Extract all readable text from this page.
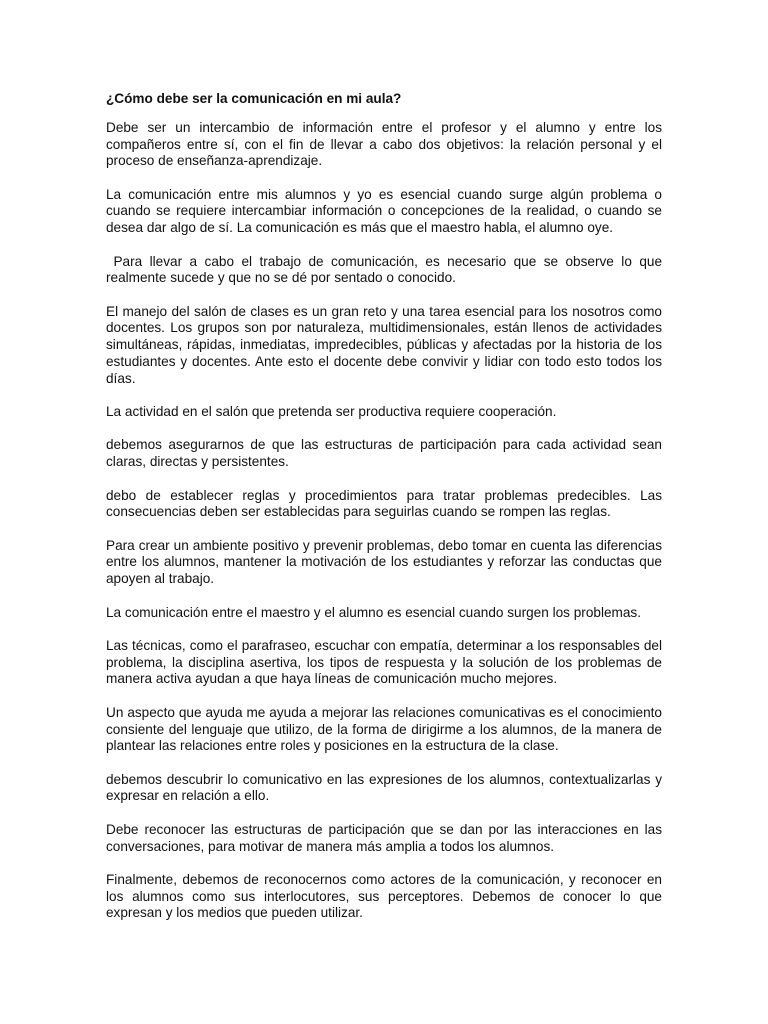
¿Cómo debe ser la comunicación en mi aula?

Debe ser un intercambio de información entre el profesor y el alumno y entre los compañeros entre sí, con el fin de llevar a cabo dos objetivos: la relación personal y el proceso de enseñanza-aprendizaje.

La comunicación entre mis alumnos y yo es esencial cuando surge algún problema o cuando se requiere intercambiar información o concepciones de la realidad, o cuando se desea dar algo de sí. La comunicación es más que el maestro habla, el alumno oye.

Para llevar a cabo el trabajo de comunicación, es necesario que se observe lo que realmente sucede y que no se dé por sentado o conocido.

El manejo del salón de clases es un gran reto y una tarea esencial para los nosotros como docentes. Los grupos son por naturaleza, multidimensionales, están llenos de actividades simultáneas, rápidas, inmediatas, impredecibles, públicas y afectadas por la historia de los estudiantes y docentes. Ante esto el docente debe convivir y lidiar con todo esto todos los días.

La actividad en el salón que pretenda ser productiva requiere cooperación.

debemos asegurarnos de que las estructuras de participación para cada actividad sean claras, directas y persistentes.

debo de establecer reglas y procedimientos para tratar problemas predecibles. Las consecuencias deben ser establecidas para seguirlas cuando se rompen las reglas.

Para crear un ambiente positivo y prevenir problemas, debo tomar en cuenta las diferencias entre los alumnos, mantener la motivación de los estudiantes y reforzar las conductas que apoyen al trabajo.

La comunicación entre el maestro y el alumno es esencial cuando surgen los problemas.

Las técnicas, como el parafraseo, escuchar con empatía, determinar a los responsables del problema, la disciplina asertiva, los tipos de respuesta y la solución de los problemas de manera activa ayudan a que haya líneas de comunicación mucho mejores.

Un aspecto que ayuda me ayuda a mejorar las relaciones comunicativas es el conocimiento consiente del lenguaje que utilizo, de la forma de dirigirme a los alumnos, de la manera de plantear las relaciones entre roles y posiciones en la estructura de la clase.

debemos descubrir lo comunicativo en las expresiones de los alumnos, contextualizarlas y expresar en relación a ello.

Debe reconocer las estructuras de participación que se dan por las interacciones en las conversaciones, para motivar de manera más amplia a todos los alumnos.

Finalmente, debemos de reconocernos como actores de la comunicación, y reconocer en los alumnos como sus interlocutores, sus perceptores. Debemos de conocer lo que expresan y los medios que pueden utilizar.
